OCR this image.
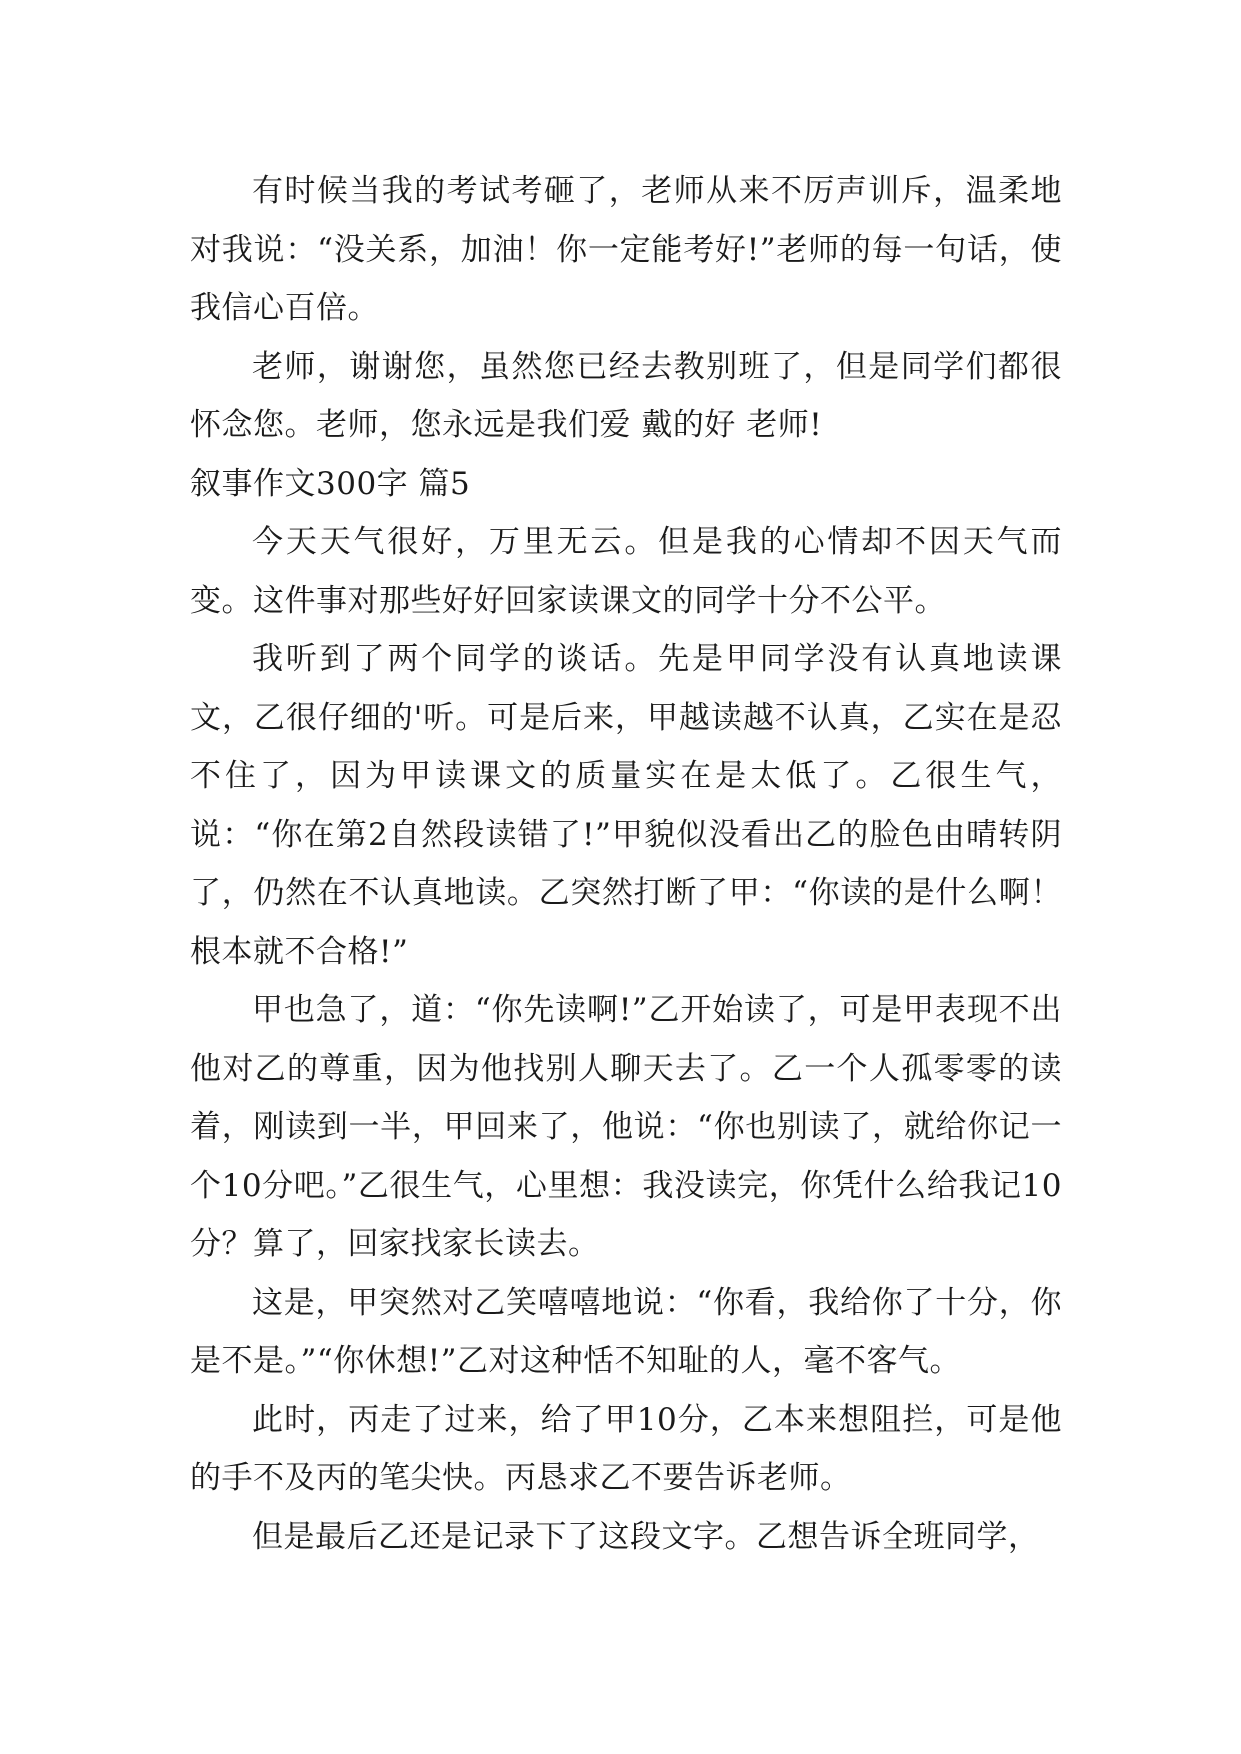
有时候当我的考试考砸了，老师从来不厉声训斥，温柔地对我说：“没关系，加油！你一定能考好!”老师的每一句话，使我信心百倍。

老师，谢谢您，虽然您已经去教别班了，但是同学们都很怀念您。老师，您永远是我们爱 戴的好 老师!

叙事作文300字 篇5

今天天气很好，万里无云。但是我的心情却不因天气而变。这件事对那些好好回家读课文的同学十分不公平。

我听到了两个同学的谈话。先是甲同学没有认真地读课文，乙很仔细的'听。可是后来，甲越读越不认真，乙实在是忍不住了，因为甲读课文的质量实在是太低了。乙很生气，说：“你在第2自然段读错了!”甲貌似没看出乙的脸色由晴转阴了，仍然在不认真地读。乙突然打断了甲：“你读的是什么啊！根本就不合格!”

甲也急了，道：“你先读啊!”乙开始读了，可是甲表现不出他对乙的尊重，因为他找别人聊天去了。乙一个人孤零零的读着，刚读到一半，甲回来了，他说：“你也别读了，就给你记一个10分吧。”乙很生气，心里想：我没读完，你凭什么给我记10分？算了，回家找家长读去。

这是，甲突然对乙笑嘻嘻地说：“你看，我给你了十分，你是不是。”“你休想!”乙对这种恬不知耻的人，毫不客气。

此时，丙走了过来，给了甲10分，乙本来想阻拦，可是他的手不及丙的笔尖快。丙恳求乙不要告诉老师。

但是最后乙还是记录下了这段文字。乙想告诉全班同学，
